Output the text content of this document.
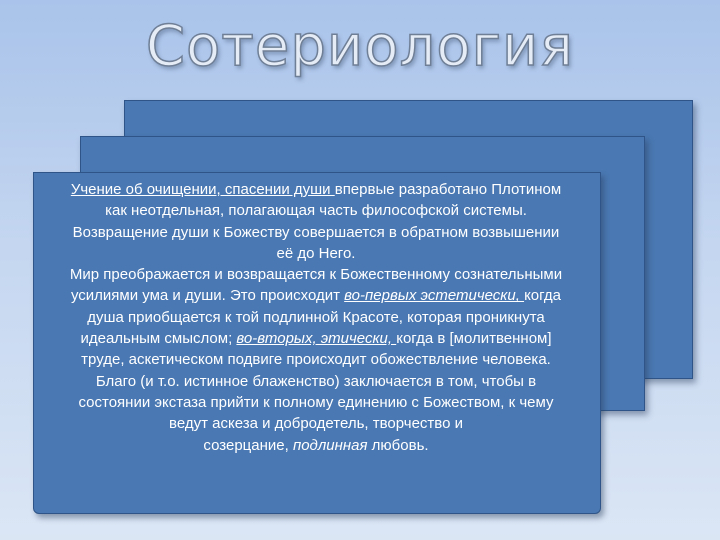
Сотериология
Учение об очищении, спасении души впервые разработано Плотином
как неотдельная, полагающая часть философской системы.
Возвращение души к Божеству совершается в обратном возвышении
её до Него.
Мир преображается и возвращается к Божественному сознательными
усилиями ума и души. Это происходит во-первых эстетически, когда
душа приобщается к той подлинной Красоте, которая проникнута
идеальным смыслом; во-вторых, этически, когда в [молитвенном]
труде, аскетическом подвиге происходит обожествление человека.
Благо (и т.о. истинное блаженство) заключается в том, чтобы в
состоянии экстаза прийти к полному единению с Божеством, к чему
ведут аскеза и добродетель, творчество и
созерцание, подлинная любовь.
